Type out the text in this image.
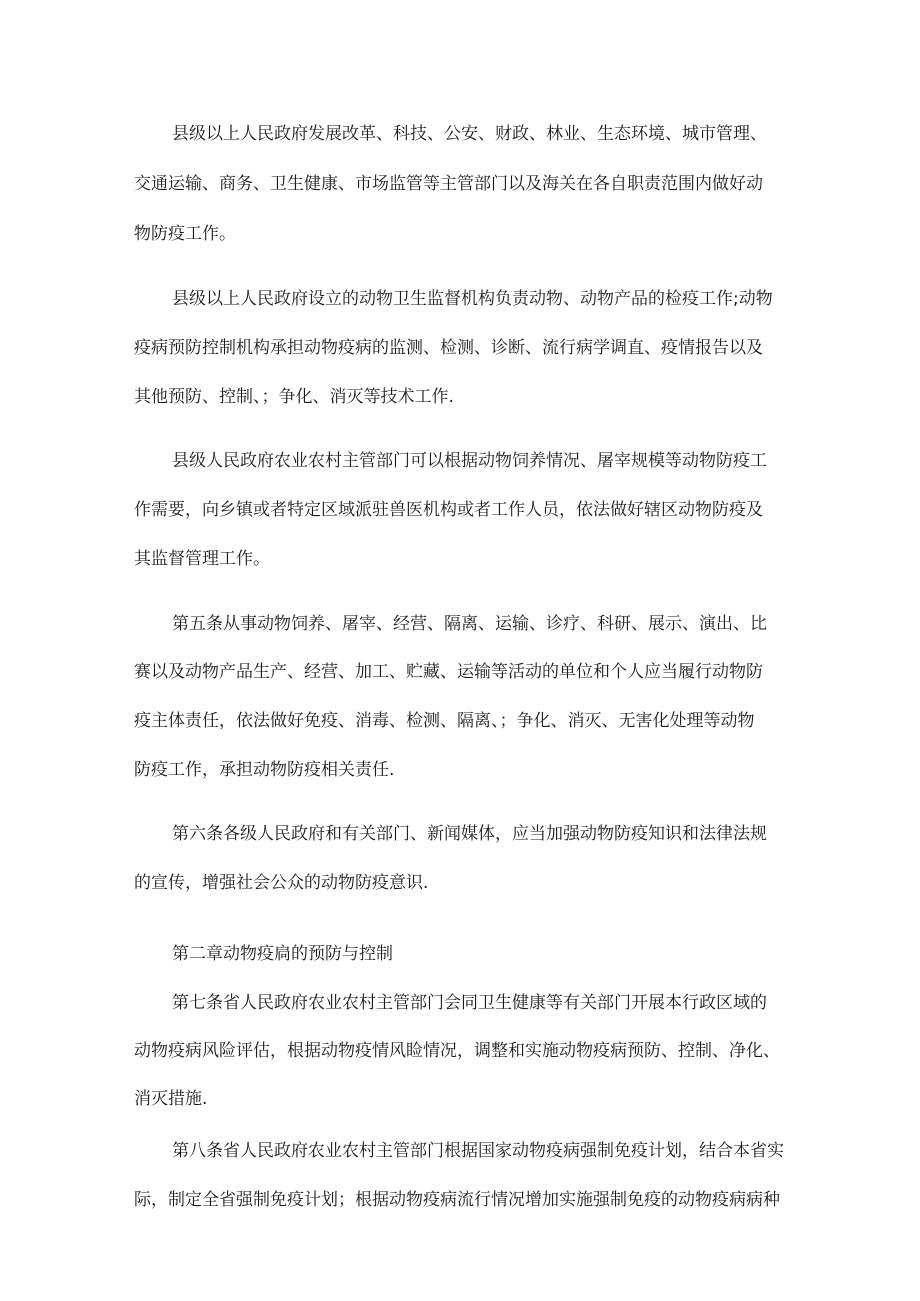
县级以上人民政府发展改革、科技、公安、财政、林业、生态环境、城市管理、
交通运输、商务、卫生健康、市场监管等主管部门以及海关在各自职责范围内做好动
物防疫工作。
县级以上人民政府设立的动物卫生监督机构负责动物、动物产品的检疫工作;动物
疫病预防控制机构承担动物疫病的监测、检测、诊断、流行病学调直、疫情报告以及
其他预防、控制、；争化、消灭等技术工作.
县级人民政府农业农村主管部门可以根据动物饲养情况、屠宰规模等动物防疫工
作需要，向乡镇或者特定区域派驻兽医机构或者工作人员，依法做好辖区动物防疫及
其监督管理工作。
第五条从事动物饲养、屠宰、经营、隔离、运输、诊疗、科研、展示、演出、比
赛以及动物产品生产、经营、加工、贮藏、运输等活动的单位和个人应当履行动物防
疫主体责任，依法做好免疫、消毒、检测、隔离、；争化、消灭、无害化处理等动物
防疫工作，承担动物防疫相关责任.
第六条各级人民政府和有关部门、新闻媒体，应当加强动物防疫知识和法律法规
的宣传，增强社会公众的动物防疫意识.
第二章动物疫扃的预防与控制
第七条省人民政府农业农村主管部门会同卫生健康等有关部门开展本行政区域的
动物疫病风险评估，根据动物疫情风睑情况，调整和实施动物疫病预防、控制、净化、
消灭措施.
第八条省人民政府农业农村主管部门根据国家动物疫病强制免疫计划，结合本省实
际，制定全省强制免疫计划；根据动物疫病流行情况增加实施强制免疫的动物疫病病种
